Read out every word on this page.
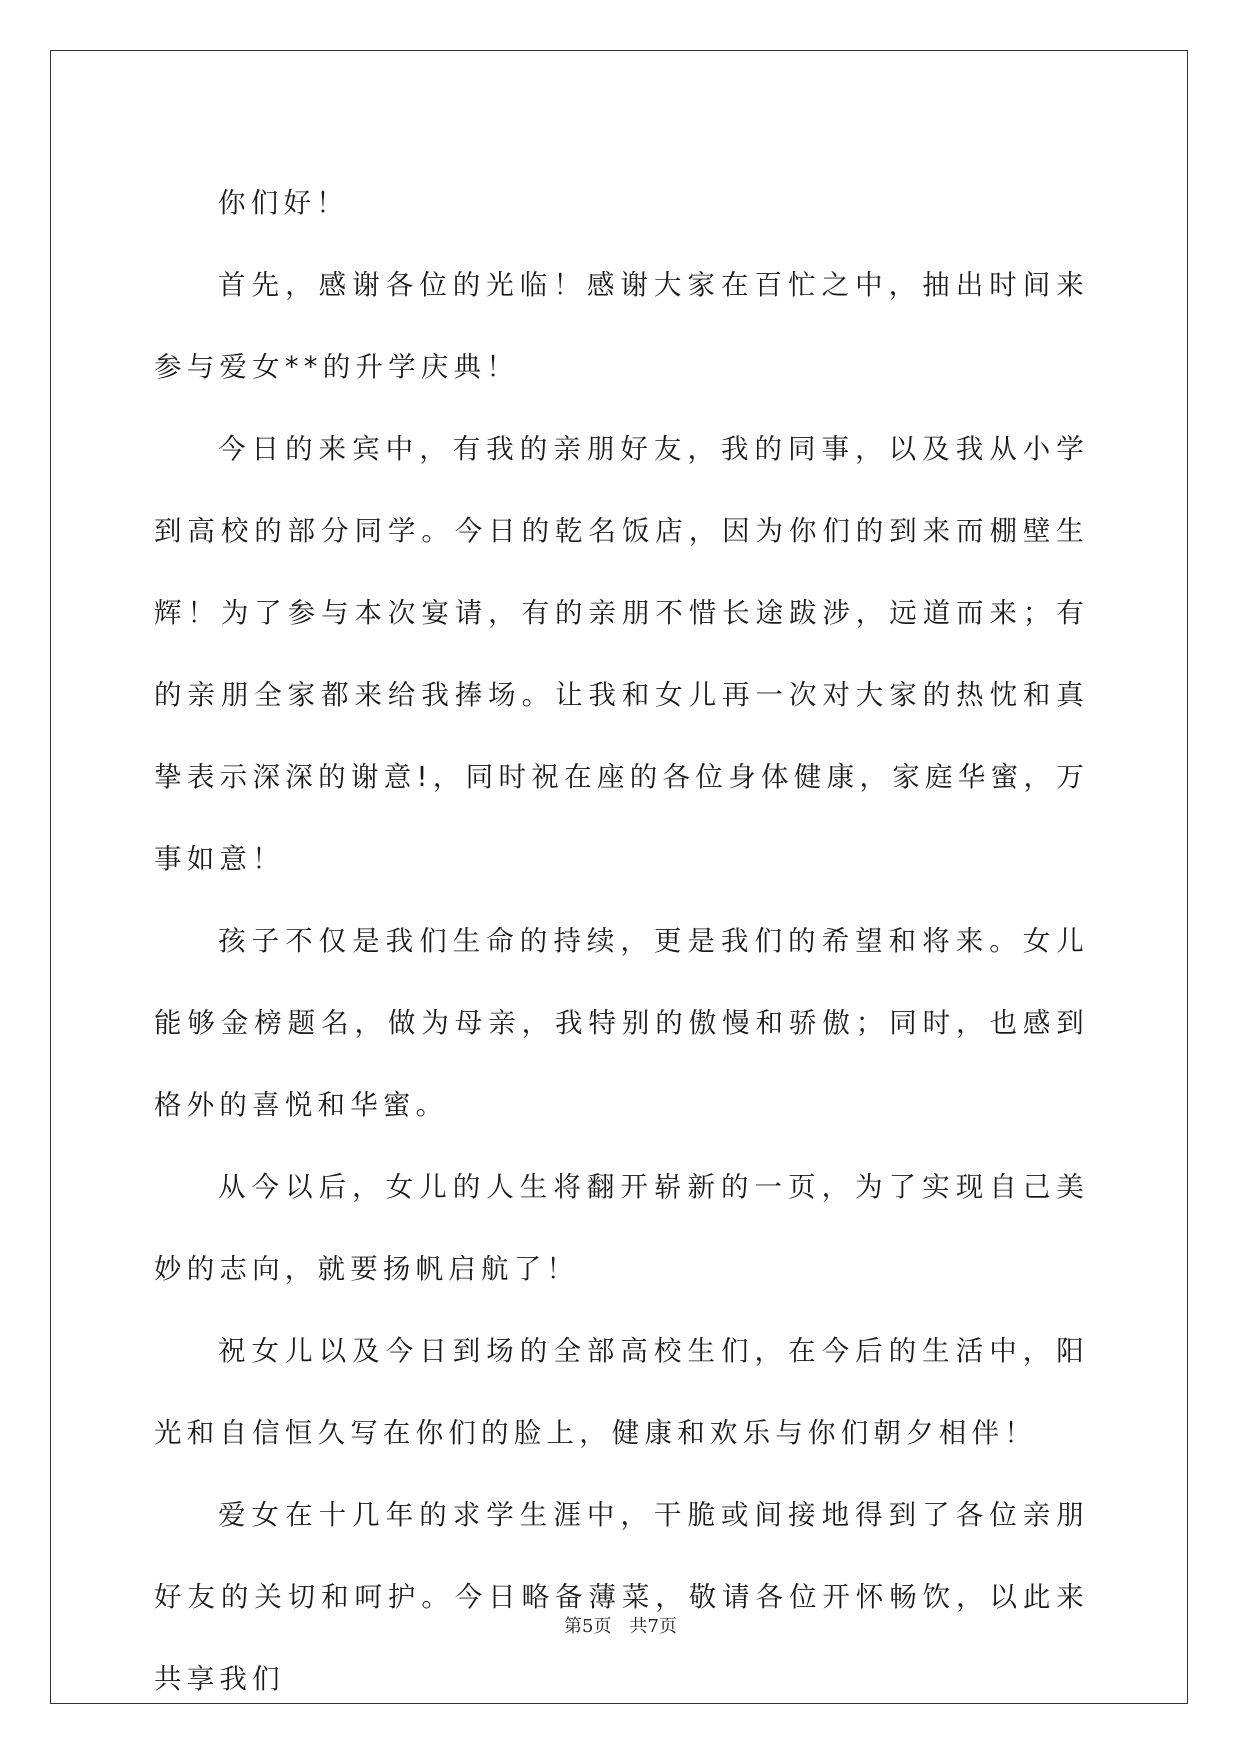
你们好！

首先，感谢各位的光临！感谢大家在百忙之中，抽出时间来参与爱女**的升学庆典！

今日的来宾中，有我的亲朋好友，我的同事，以及我从小学到高校的部分同学。今日的乾名饭店，因为你们的到来而棚壁生辉！为了参与本次宴请，有的亲朋不惜长途跋涉，远道而来；有的亲朋全家都来给我捧场。让我和女儿再一次对大家的热忱和真挚表示深深的谢意!，同时祝在座的各位身体健康，家庭华蜜，万事如意！

孩子不仅是我们生命的持续，更是我们的希望和将来。女儿能够金榜题名，做为母亲，我特别的傲慢和骄傲；同时，也感到格外的喜悦和华蜜。

从今以后，女儿的人生将翻开崭新的一页，为了实现自己美妙的志向，就要扬帆启航了！

祝女儿以及今日到场的全部高校生们，在今后的生活中，阳光和自信恒久写在你们的脸上，健康和欢乐与你们朝夕相伴！

爱女在十几年的求学生涯中，干脆或间接地得到了各位亲朋好友的关切和呵护。今日略备薄菜，敬请各位开怀畅饮，以此来共享我们

第5页 共7页
